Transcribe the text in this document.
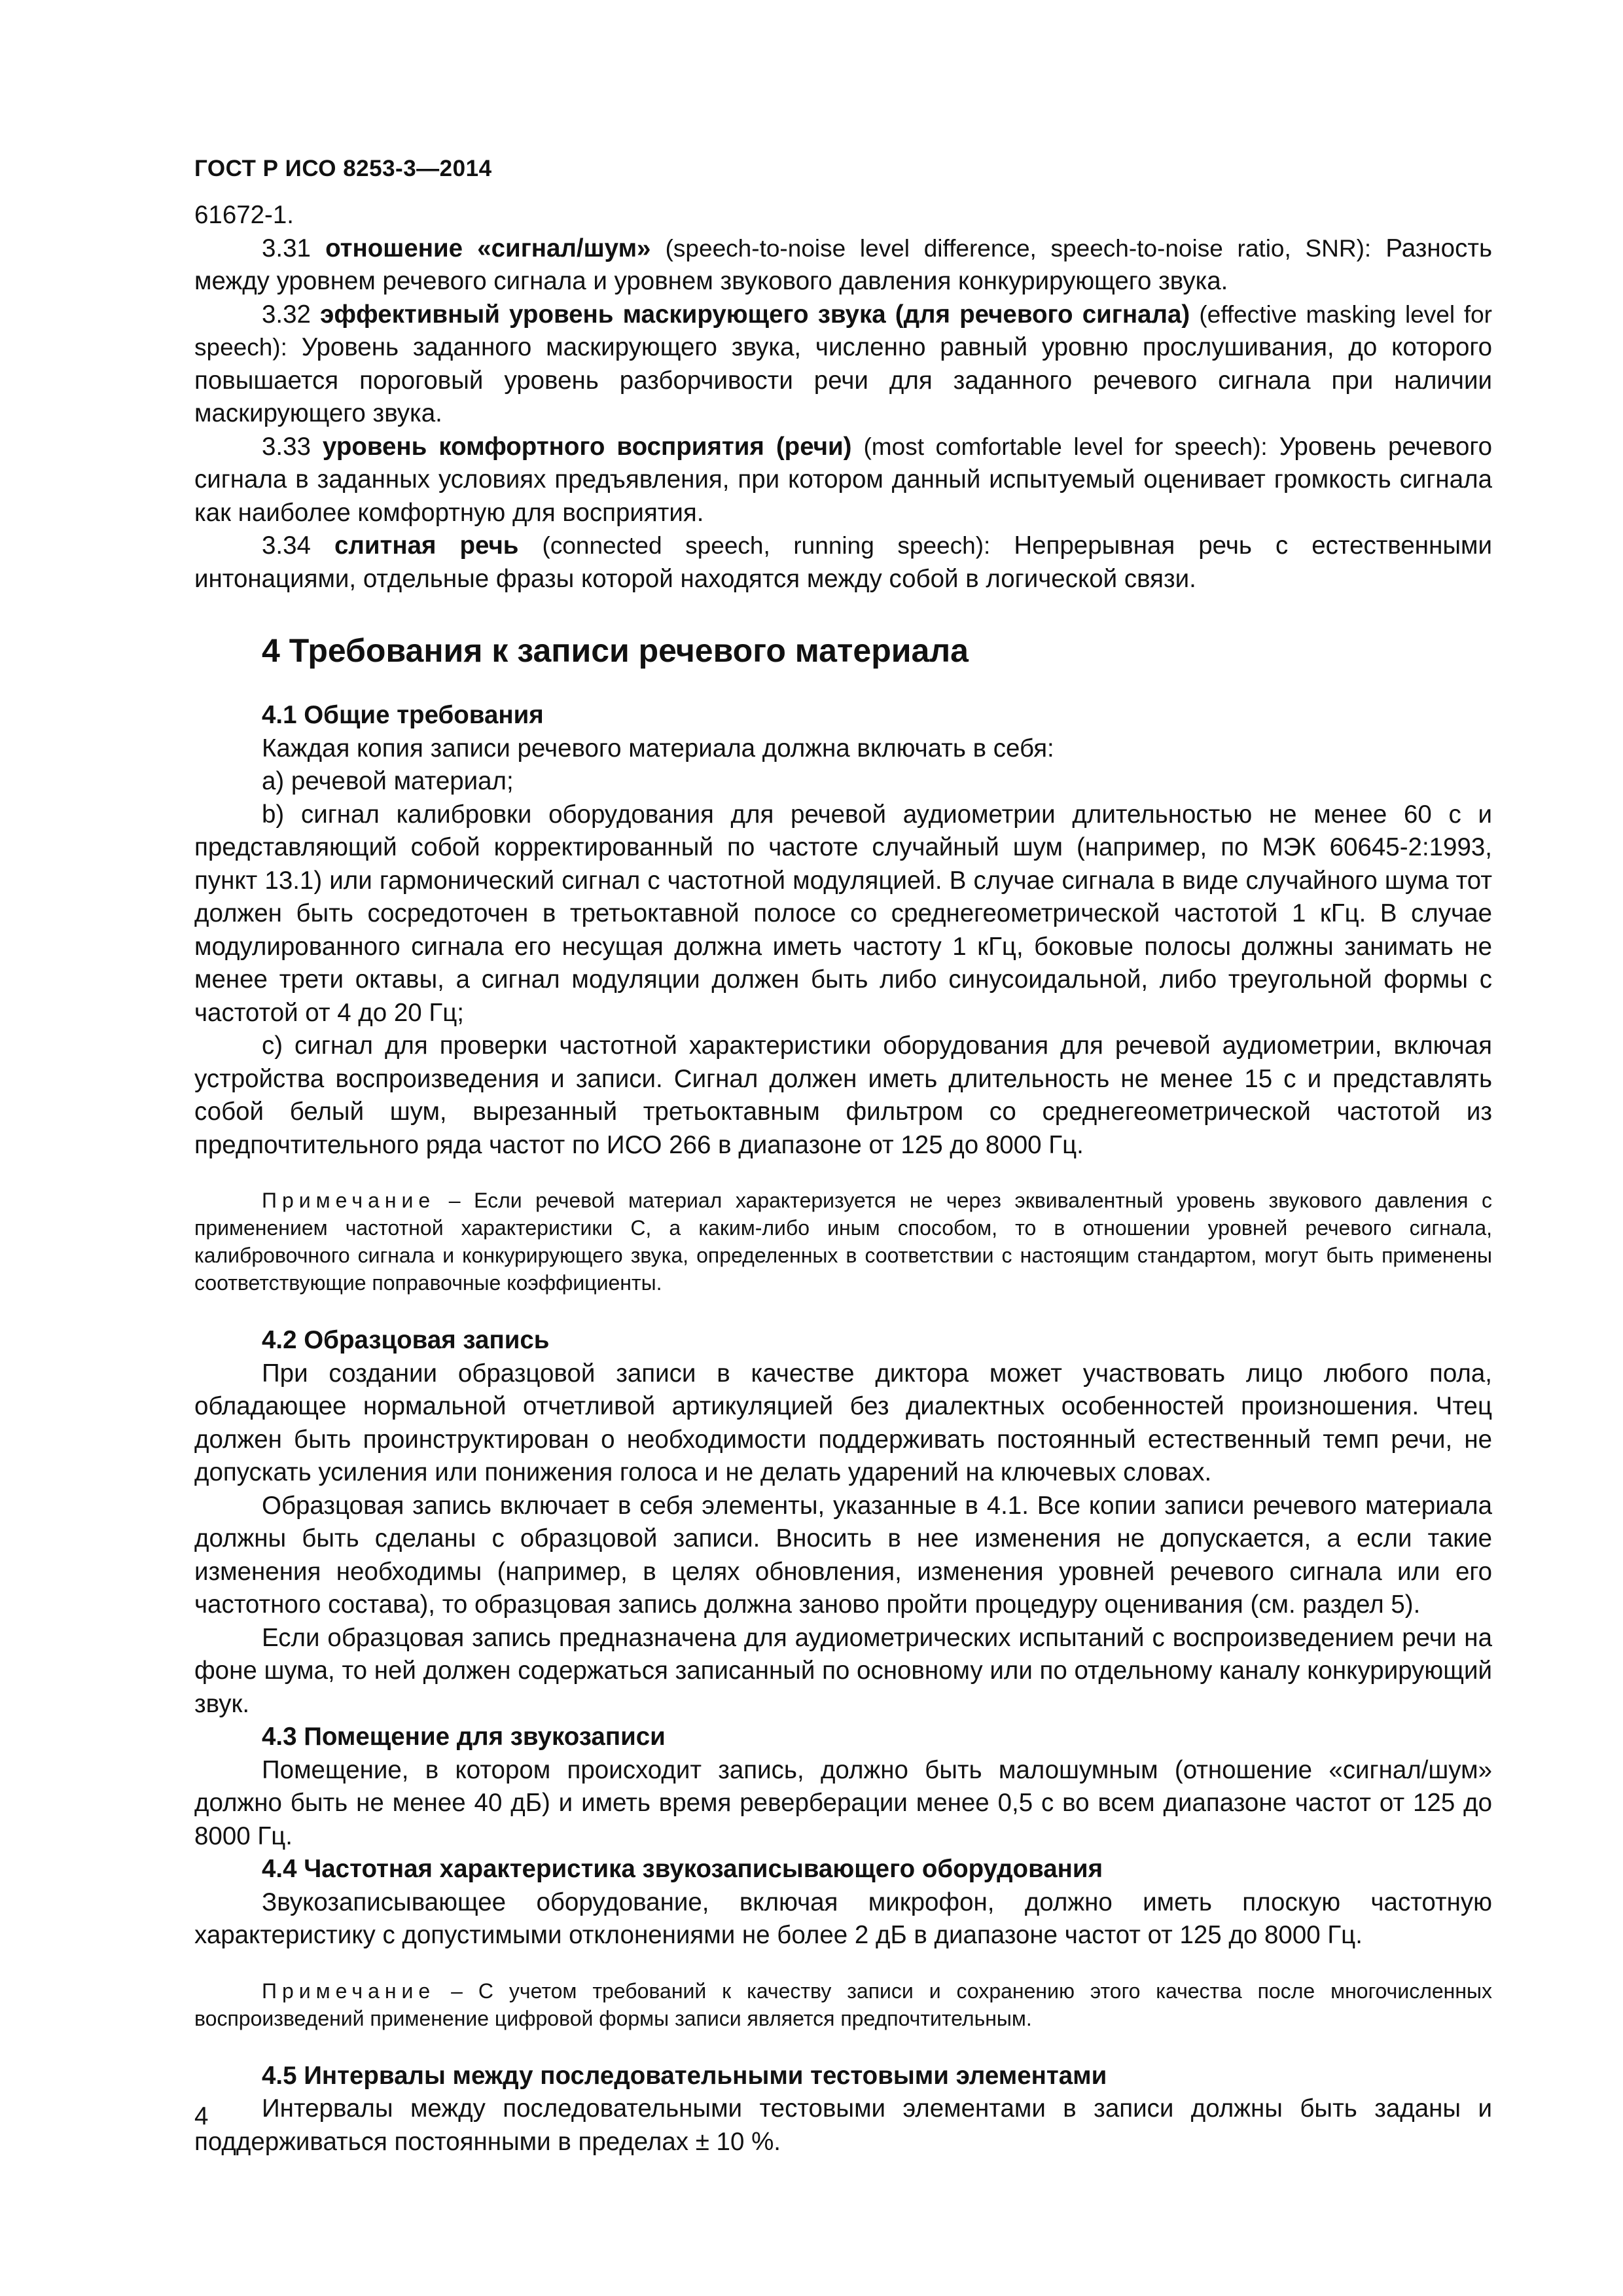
ГОСТ Р ИСО 8253-3—2014

61672-1.

3.31 отношение «сигнал/шум» (speech-to-noise level difference, speech-to-noise ratio, SNR): Разность между уровнем речевого сигнала и уровнем звукового давления конкурирующего звука.

3.32 эффективный уровень маскирующего звука (для речевого сигнала) (effective masking level for speech): Уровень заданного маскирующего звука, численно равный уровню прослушивания, до которого повышается пороговый уровень разборчивости речи для заданного речевого сигнала при наличии маскирующего звука.

3.33 уровень комфортного восприятия (речи) (most comfortable level for speech): Уровень речевого сигнала в заданных условиях предъявления, при котором данный испытуемый оценивает громкость сигнала как наиболее комфортную для восприятия.

3.34 слитная речь (connected speech, running speech): Непрерывная речь с естественными интонациями, отдельные фразы которой находятся между собой в логической связи.

4 Требования к записи речевого материала
4.1 Общие требования

Каждая копия записи речевого материала должна включать в себя:

a) речевой материал;

b) сигнал калибровки оборудования для речевой аудиометрии длительностью не менее 60 с и представляющий собой корректированный по частоте случайный шум (например, по МЭК 60645-2:1993, пункт 13.1) или гармонический сигнал с частотной модуляцией. В случае сигнала в виде случайного шума тот должен быть сосредоточен в третьоктавной полосе со среднегеометрической частотой 1 кГц. В случае модулированного сигнала его несущая должна иметь частоту 1 кГц, боковые полосы должны занимать не менее трети октавы, а сигнал модуляции должен быть либо синусоидальной, либо треугольной формы с частотой от 4 до 20 Гц;

c) сигнал для проверки частотной характеристики оборудования для речевой аудиометрии, включая устройства воспроизведения и записи. Сигнал должен иметь длительность не менее 15 с и представлять собой белый шум, вырезанный третьоктавным фильтром со среднегеометрической частотой из предпочтительного ряда частот по ИСО 266 в диапазоне от 125 до 8000 Гц.

Примечание – Если речевой материал характеризуется не через эквивалентный уровень звукового давления с применением частотной характеристики С, а каким-либо иным способом, то в отношении уровней речевого сигнала, калибровочного сигнала и конкурирующего звука, определенных в соответствии с настоящим стандартом, могут быть применены соответствующие поправочные коэффициенты.

4.2 Образцовая запись

При создании образцовой записи в качестве диктора может участвовать лицо любого пола, обладающее нормальной отчетливой артикуляцией без диалектных особенностей произношения. Чтец должен быть проинструктирован о необходимости поддерживать постоянный естественный темп речи, не допускать усиления или понижения голоса и не делать ударений на ключевых словах.

Образцовая запись включает в себя элементы, указанные в 4.1. Все копии записи речевого материала должны быть сделаны с образцовой записи. Вносить в нее изменения не допускается, а если такие изменения необходимы (например, в целях обновления, изменения уровней речевого сигнала или его частотного состава), то образцовая запись должна заново пройти процедуру оценивания (см. раздел 5).

Если образцовая запись предназначена для аудиометрических испытаний с воспроизведением речи на фоне шума, то ней должен содержаться записанный по основному или по отдельному каналу конкурирующий звук.

4.3 Помещение для звукозаписи

Помещение, в котором происходит запись, должно быть малошумным (отношение «сигнал/шум» должно быть не менее 40 дБ) и иметь время реверберации менее 0,5 с во всем диапазоне частот от 125 до 8000 Гц.

4.4 Частотная характеристика звукозаписывающего оборудования

Звукозаписывающее оборудование, включая микрофон, должно иметь плоскую частотную характеристику с допустимыми отклонениями не более 2 дБ в диапазоне частот от 125 до 8000 Гц.

Примечание – С учетом требований к качеству записи и сохранению этого качества после многочисленных воспроизведений применение цифровой формы записи является предпочтительным.

4.5 Интервалы между последовательными тестовыми элементами

Интервалы между последовательными тестовыми элементами в записи должны быть заданы и поддерживаться постоянными в пределах ± 10 %.

4
